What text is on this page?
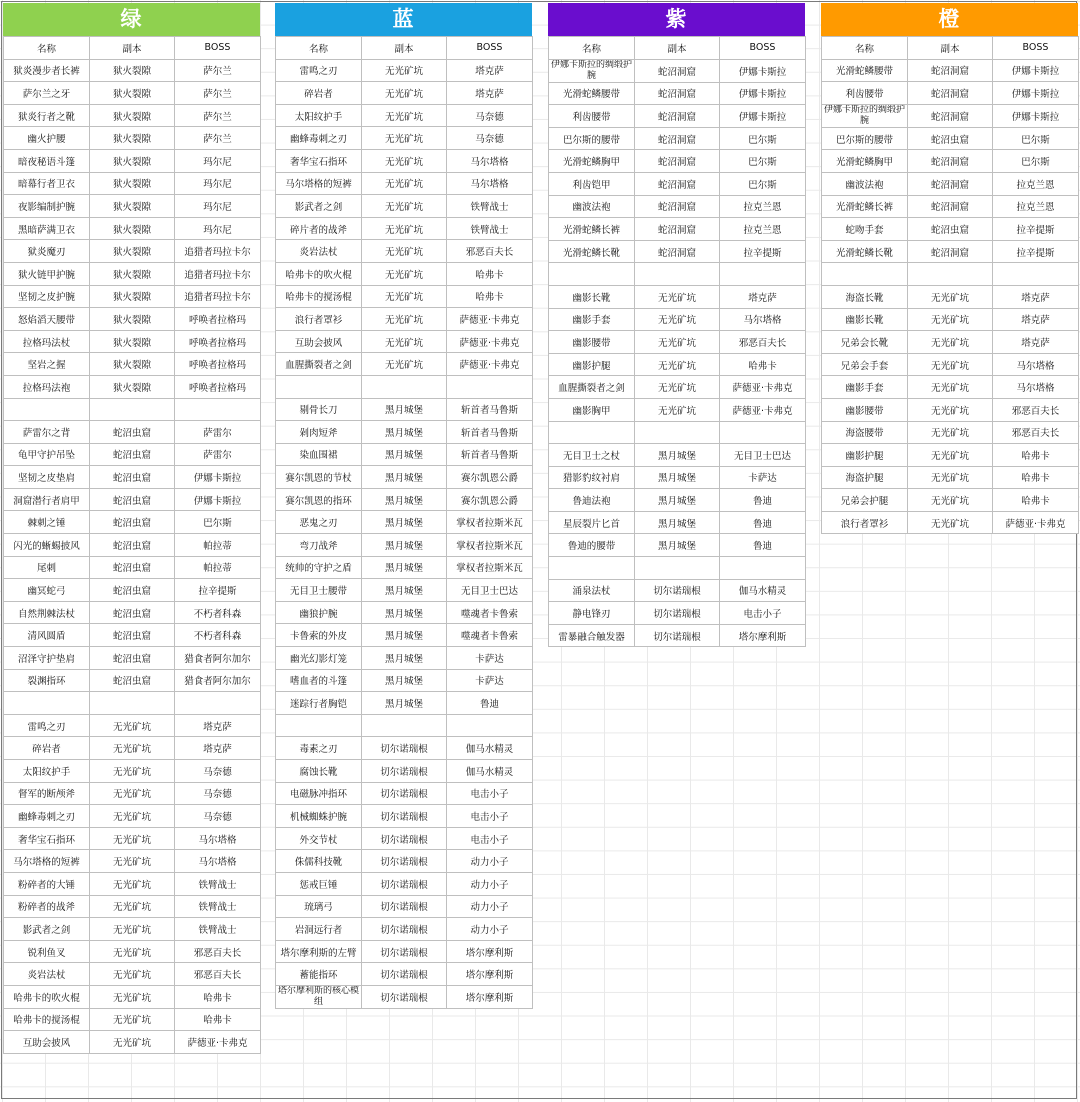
绿
名称	副本	BOSS
狱炎漫步者长裤	狱火裂隙	萨尔兰
萨尔兰之牙	狱火裂隙	萨尔兰
狱炎行者之靴	狱火裂隙	萨尔兰
幽火护腰	狱火裂隙	萨尔兰
暗夜秘语斗篷	狱火裂隙	玛尔尼
暗幕行者卫衣	狱火裂隙	玛尔尼
夜影编制护腕	狱火裂隙	玛尔尼
黑暗萨满卫衣	狱火裂隙	玛尔尼
狱炎魔刃	狱火裂隙	追猎者玛拉卡尔
狱火链甲护腕	狱火裂隙	追猎者玛拉卡尔
坚韧之皮护腕	狱火裂隙	追猎者玛拉卡尔
怒焰滔天腰带	狱火裂隙	呼唤者拉格玛
拉格玛法杖	狱火裂隙	呼唤者拉格玛
坚岩之握	狱火裂隙	呼唤者拉格玛
拉格玛法袍	狱火裂隙	呼唤者拉格玛

萨雷尔之背	蛇沼虫窟	萨雷尔
龟甲守护吊坠	蛇沼虫窟	萨雷尔
坚韧之皮垫肩	蛇沼虫窟	伊娜卡斯拉
洞窟潜行者肩甲	蛇沼虫窟	伊娜卡斯拉
棘刺之锤	蛇沼虫窟	巴尔斯
闪光的蜥蜴披风	蛇沼虫窟	帕拉蒂
尾刺	蛇沼虫窟	帕拉蒂
幽冥蛇弓	蛇沼虫窟	拉辛提斯
自然荆棘法杖	蛇沼虫窟	不朽者科森
清风圆盾	蛇沼虫窟	不朽者科森
沼泽守护垫肩	蛇沼虫窟	猎食者阿尔加尔
裂渊指环	蛇沼虫窟	猎食者阿尔加尔

雷鸣之刃	无光矿坑	塔克萨
碎岩者	无光矿坑	塔克萨
太阳纹护手	无光矿坑	马奈德
督军的断颅斧	无光矿坑	马奈德
幽蜂毒刺之刃	无光矿坑	马奈德
奢华宝石指环	无光矿坑	马尔塔格
马尔塔格的短裤	无光矿坑	马尔塔格
粉碎者的大锤	无光矿坑	铁臂战士
粉碎者的战斧	无光矿坑	铁臂战士
影武者之剑	无光矿坑	铁臂战士
锐利鱼叉	无光矿坑	邪恶百夫长
炎岩法杖	无光矿坑	邪恶百夫长
哈弗卡的吹火棍	无光矿坑	哈弗卡
哈弗卡的搅汤棍	无光矿坑	哈弗卡
互助会披风	无光矿坑	萨德亚·卡弗克
蓝
名称	副本	BOSS
雷鸣之刃	无光矿坑	塔克萨
碎岩者	无光矿坑	塔克萨
太阳纹护手	无光矿坑	马奈德
幽蜂毒刺之刃	无光矿坑	马奈德
奢华宝石指环	无光矿坑	马尔塔格
马尔塔格的短裤	无光矿坑	马尔塔格
影武者之剑	无光矿坑	铁臂战士
碎片者的战斧	无光矿坑	铁臂战士
炎岩法杖	无光矿坑	邪恶百夫长
哈弗卡的吹火棍	无光矿坑	哈弗卡
哈弗卡的搅汤棍	无光矿坑	哈弗卡
浪行者罩衫	无光矿坑	萨德亚·卡弗克
互助会披风	无光矿坑	萨德亚·卡弗克
血腥撕裂者之剑	无光矿坑	萨德亚·卡弗克

剔骨长刀	黑月城堡	斩首者马鲁斯
剁肉短斧	黑月城堡	斩首者马鲁斯
染血围裙	黑月城堡	斩首者马鲁斯
赛尔凯恩的节杖	黑月城堡	赛尔凯恩公爵
赛尔凯恩的指环	黑月城堡	赛尔凯恩公爵
恶鬼之刃	黑月城堡	掌权者拉斯米瓦
弯刀战斧	黑月城堡	掌权者拉斯米瓦
统帅的守护之盾	黑月城堡	掌权者拉斯米瓦
无目卫士腰带	黑月城堡	无目卫士巴达
幽狼护腕	黑月城堡	噬魂者卡鲁索
卡鲁索的外皮	黑月城堡	噬魂者卡鲁索
幽光幻影灯笼	黑月城堡	卡萨达
嗜血者的斗篷	黑月城堡	卡萨达
迷踪行者胸铠	黑月城堡	鲁迪

毒素之刃	切尔诺瑞根	伽马水精灵
腐蚀长靴	切尔诺瑞根	伽马水精灵
电磁脉冲指环	切尔诺瑞根	电击小子
机械蜘蛛护腕	切尔诺瑞根	电击小子
外交节杖	切尔诺瑞根	电击小子
侏儒科技靴	切尔诺瑞根	动力小子
惩戒巨锤	切尔诺瑞根	动力小子
琉璃弓	切尔诺瑞根	动力小子
岩洞远行者	切尔诺瑞根	动力小子
塔尔摩利斯的左臂	切尔诺瑞根	塔尔摩利斯
蓄能指环	切尔诺瑞根	塔尔摩利斯
塔尔摩利斯的核心模组	切尔诺瑞根	塔尔摩利斯
紫
名称	副本	BOSS
伊娜卡斯拉的绸缎护腕	蛇沼洞窟	伊娜卡斯拉
光滑蛇鳞腰带	蛇沼洞窟	伊娜卡斯拉
利齿腰带	蛇沼洞窟	伊娜卡斯拉
巴尔斯的腰带	蛇沼洞窟	巴尔斯
光滑蛇鳞胸甲	蛇沼洞窟	巴尔斯
利齿铠甲	蛇沼洞窟	巴尔斯
幽波法袍	蛇沼洞窟	拉克兰恩
光滑蛇鳞长裤	蛇沼洞窟	拉克兰恩
光滑蛇鳞长靴	蛇沼洞窟	拉辛提斯

幽影长靴	无光矿坑	塔克萨
幽影手套	无光矿坑	马尔塔格
幽影腰带	无光矿坑	邪恶百夫长
幽影护腿	无光矿坑	哈弗卡
血腥撕裂者之剑	无光矿坑	萨德亚·卡弗克
幽影胸甲	无光矿坑	萨德亚·卡弗克

无目卫士之杖	黑月城堡	无目卫士巴达
猎影豹纹衬肩	黑月城堡	卡萨达
鲁迪法袍	黑月城堡	鲁迪
星辰裂片匕首	黑月城堡	鲁迪
鲁迪的腰带	黑月城堡	鲁迪

涌泉法杖	切尔诺瑞根	伽马水精灵
静电锋刃	切尔诺瑞根	电击小子
雷暴融合触发器	切尔诺瑞根	塔尔摩利斯
橙
名称	副本	BOSS
光滑蛇鳞腰带	蛇沼洞窟	伊娜卡斯拉
利齿腰带	蛇沼洞窟	伊娜卡斯拉
伊娜卡斯拉的绸缎护腕	蛇沼洞窟	伊娜卡斯拉
巴尔斯的腰带	蛇沼虫窟	巴尔斯
光滑蛇鳞胸甲	蛇沼洞窟	巴尔斯
幽波法袍	蛇沼洞窟	拉克兰恩
光滑蛇鳞长裤	蛇沼洞窟	拉克兰恩
蛇吻手套	蛇沼虫窟	拉辛提斯
光滑蛇鳞长靴	蛇沼洞窟	拉辛提斯

海盗长靴	无光矿坑	塔克萨
幽影长靴	无光矿坑	塔克萨
兄弟会长靴	无光矿坑	塔克萨
兄弟会手套	无光矿坑	马尔塔格
幽影手套	无光矿坑	马尔塔格
幽影腰带	无光矿坑	邪恶百夫长
海盗腰带	无光矿坑	邪恶百夫长
幽影护腿	无光矿坑	哈弗卡
海盗护腿	无光矿坑	哈弗卡
兄弟会护腿	无光矿坑	哈弗卡
浪行者罩衫	无光矿坑	萨德亚·卡弗克
